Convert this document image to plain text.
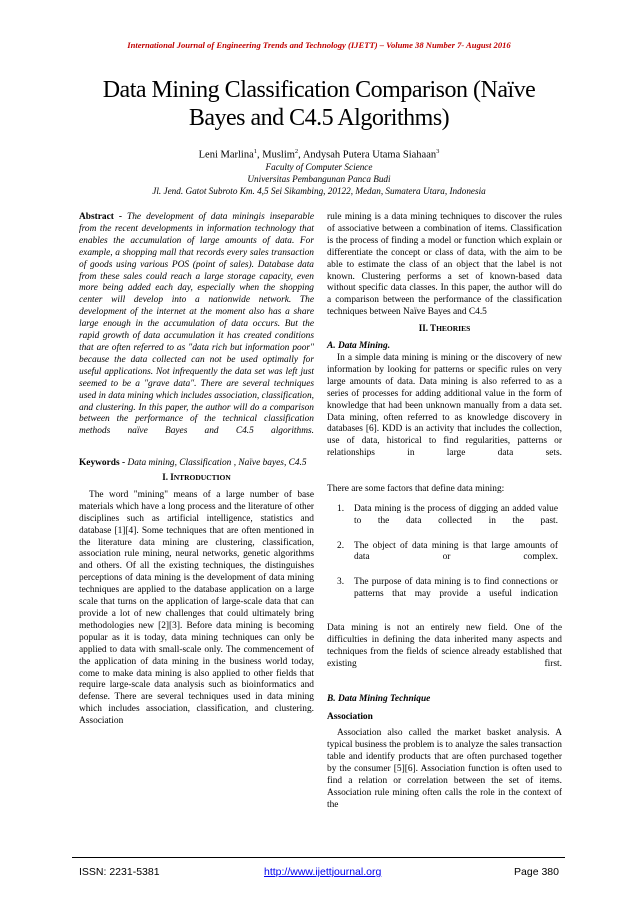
International Journal of Engineering Trends and Technology (IJETT) – Volume 38 Number 7- August 2016
Data Mining Classification Comparison (Naïve
Bayes and C4.5 Algorithms)
Leni Marlina$^1$, Muslim$^2$, Andysah Putera Utama Siahaan$^3$
Faculty of Computer Science
Universitas Pembangunan Panca Budi
Jl. Jend. Gatot Subroto Km. 4,5 Sei Sikambing, 20122, Medan, Sumatera Utara, Indonesia

Abstract - The development of data miningis inseparable from the recent developments in information technology that enables the accumulation of large amounts of data. For example, a shopping mall that records every sales transaction of goods using various POS (point of sales). Database data from these sales could reach a large storage capacity, even more being added each day, especially when the shopping center will develop into a nationwide network. The development of the internet at the moment also has a share large enough in the accumulation of data occurs. But the rapid growth of data accumulation it has created conditions that are often referred to as "data rich but information poor" because the data collected can not be used optimally for useful applications. Not infrequently the data set was left just seemed to be a "grave data". There are several techniques used in data mining which includes association, classification, and clustering. In this paper, the author will do a comparison between the performance of the technical classification methods naïve Bayes and C4.5 algorithms.

Keywords - Data mining, Classification , Naïve bayes, C4.5

I. INTRODUCTION

The word "mining" means of a large number of base materials which have a long process and the literature of other disciplines such as artificial intelligence, statistics and database [1][4]. Some techniques that are often mentioned in the literature data mining are clustering, classification, association rule mining, neural networks, genetic algorithms and others. Of all the existing techniques, the distinguishes perceptions of data mining is the development of data mining techniques are applied to the database application on a large scale that turns on the application of large-scale data that can provide a lot of new challenges that could ultimately bring methodologies new [2][3]. Before data mining is becoming popular as it is today, data mining techniques can only be applied to data with small-scale only. The commencement of the application of data mining in the business world today, come to make data mining is also applied to other fields that require large-scale data analysis such as bioinformatics and defense. There are several techniques used in data mining which includes association, classification, and clustering. Association

rule mining is a data mining techniques to discover the rules of associative between a combination of items. Classification is the process of finding a model or function which explain or differentiate the concept or class of data, with the aim to be able to estimate the class of an object that the label is not known. Clustering performs a set of known-based data without specific data classes. In this paper, the author will do a comparison between the performance of the classification techniques between Naïve Bayes and C4.5

II. THEORIES

A. Data Mining.

In a simple data mining is mining or the discovery of new information by looking for patterns or specific rules on very large amounts of data. Data mining is also referred to as a series of processes for adding additional value in the form of knowledge that had been unknown manually from a data set. Data mining, often referred to as knowledge discovery in databases [6]. KDD is an activity that includes the collection, use of data, historical to find regularities, patterns or relationships in large data sets.

There are some factors that define data mining:

1. Data mining is the process of digging an added value to the data collected in the past.
2. The object of data mining is that large amounts of data or complex.
3. The purpose of data mining is to find connections or patterns that may provide a useful indication

Data mining is not an entirely new field. One of the difficulties in defining the data inherited many aspects and techniques from the fields of science already established that existing first.

B. Data Mining Technique

Association

Association also called the market basket analysis. A typical business the problem is to analyze the sales transaction table and identify products that are often purchased together by the consumer [5][6]. Association function is often used to find a relation or correlation between the set of items. Association rule mining often calls the role in the context of the

ISSN: 2231-5381	http://www.ijettjournal.org	Page 380
